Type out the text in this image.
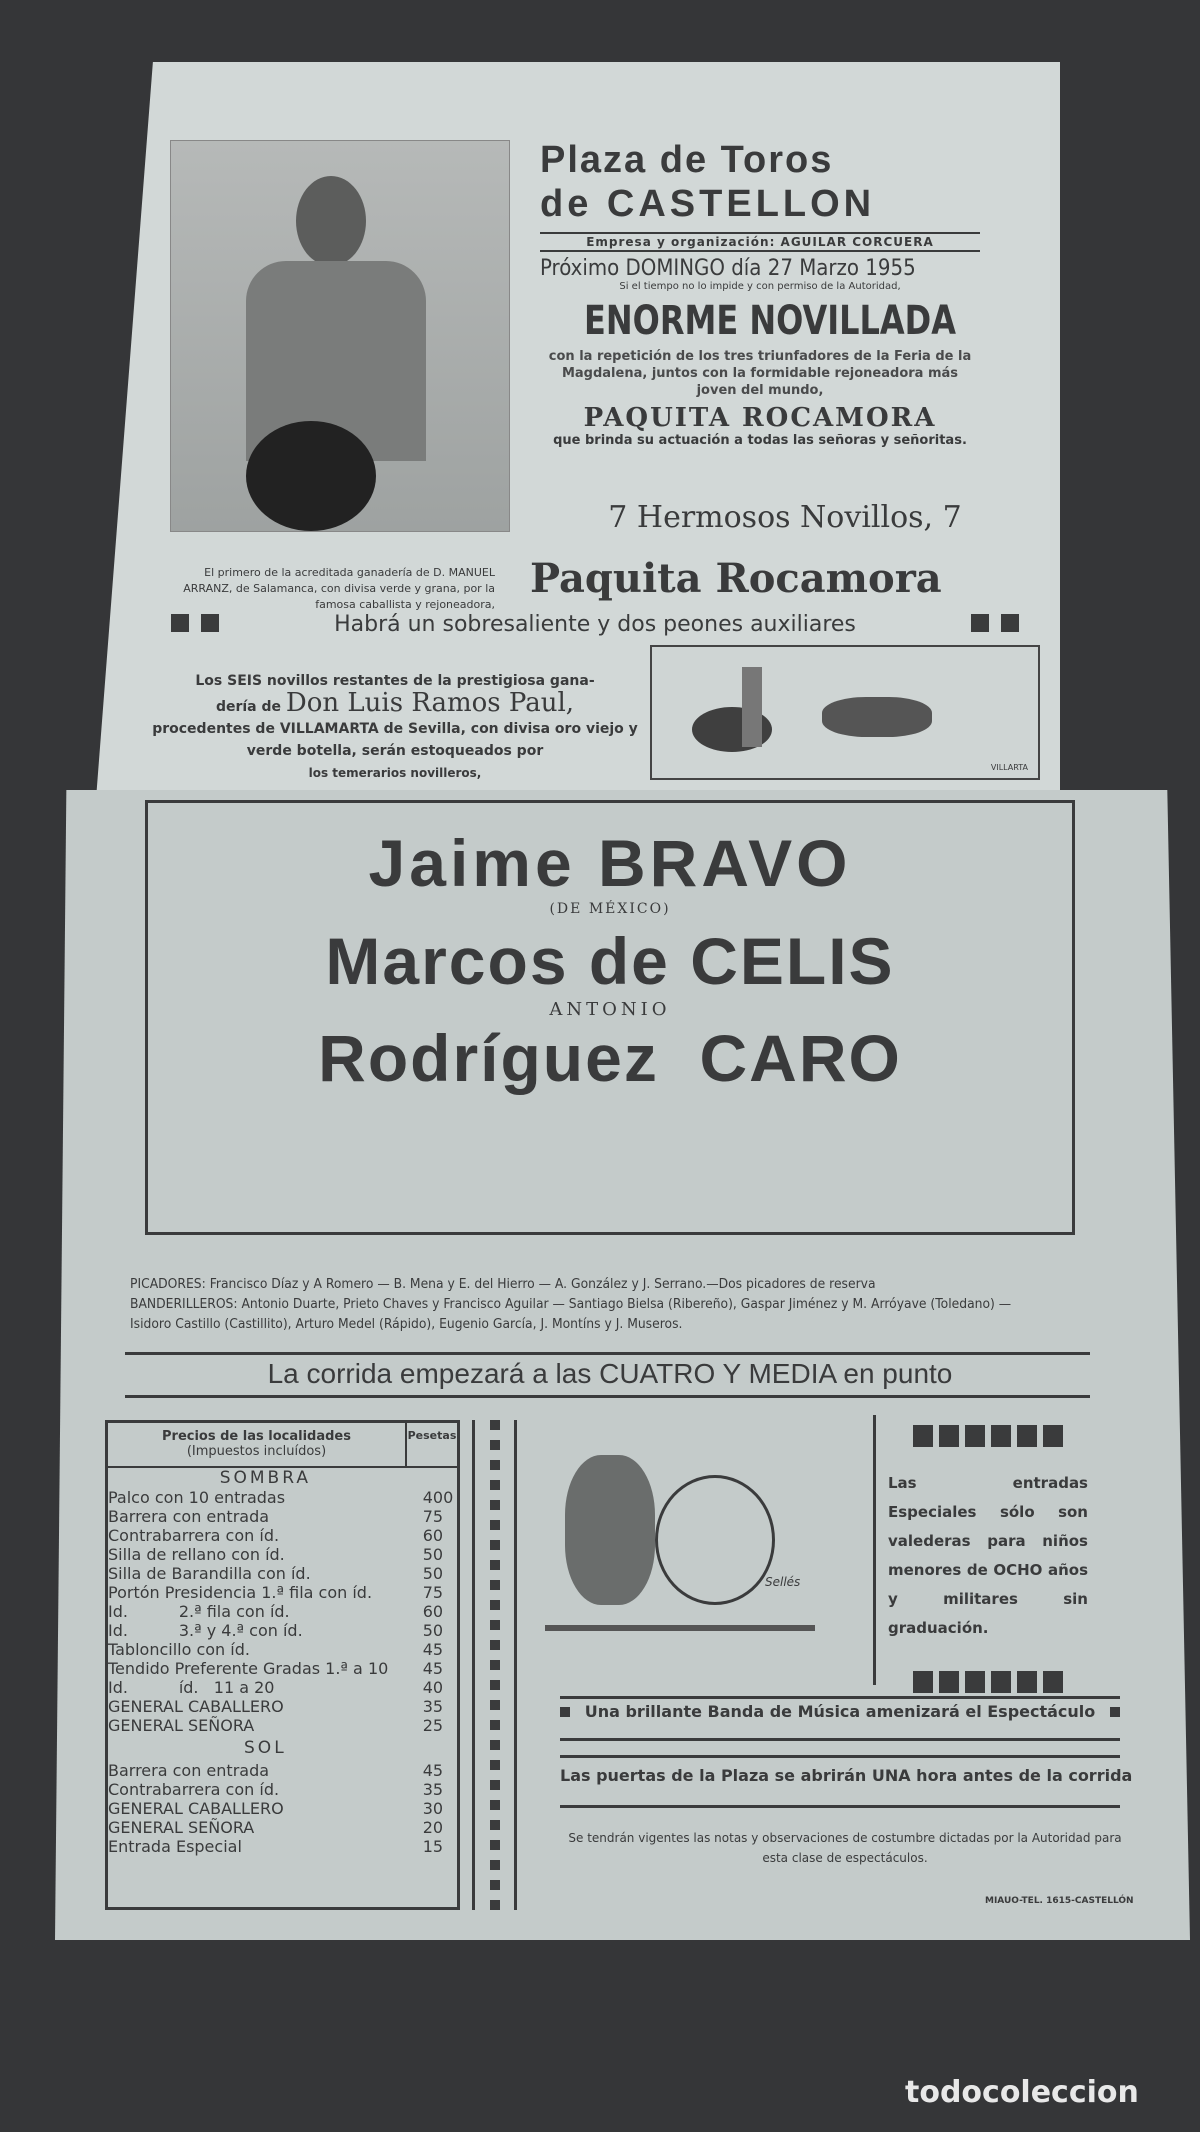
Plaza de Toros
de CASTELLON
Empresa y organización: AGUILAR CORCUERA
Próximo DOMINGO día 27 Marzo 1955
Si el tiempo no lo impide y con permiso de la Autoridad,
ENORME NOVILLADA
con la repetición de los tres triunfadores de la Feria de la Magdalena, juntos con la formidable rejoneadora más joven del mundo,
PAQUITA ROCAMORA
que brinda su actuación a todas las señoras y señoritas.
7 Hermosos Novillos, 7
El primero de la acreditada ganadería de D. MANUEL ARRANZ, de Salamanca, con divisa verde y grana, por la famosa caballista y rejoneadora,
Paquita Rocamora
Habrá un sobresaliente y dos peones auxiliares
Los SEIS novillos restantes de la prestigiosa gana-
dería de Don Luis Ramos Paul,
procedentes de VILLAMARTA de Sevilla, con divisa oro viejo y verde botella, serán estoqueados por
los temerarios novilleros,	VILLARTA
Jaime BRAVO
(DE MÉXICO)
Marcos de CELIS
ANTONIO
Rodríguez  CARO
PICADORES: Francisco Díaz y A Romero — B. Mena y E. del Hierro — A. González y J. Serrano.—Dos picadores de reserva
BANDERILLEROS: Antonio Duarte, Prieto Chaves y Francisco Aguilar — Santiago Bielsa (Ribereño), Gaspar Jiménez y M. Arróyave (Toledano) — Isidoro Castillo (Castillito), Arturo Medel (Rápido), Eugenio García, J. Montíns y J. Museros.
La corrida empezará a las CUATRO Y MEDIA en punto
Precios de las localidades
(Impuestos incluídos)
Pesetas
SOMBRA	
Palco con 10 entradas	400
Barrera con entrada	75
Contrabarrera con íd.	60
Silla de rellano con íd.	50
Silla de Barandilla con íd.	50
Portón Presidencia 1.ª fila con íd.	75
Id.          2.ª fila con íd.	60
Id.          3.ª y 4.ª con íd.	50
Tabloncillo con íd.	45
Tendido Preferente Gradas 1.ª a 10	45
Id.          íd.   11 a 20	40
GENERAL CABALLERO	35
GENERAL SEÑORA	25
SOL	
Barrera con entrada	45
Contrabarrera con íd.	35
GENERAL CABALLERO	30
GENERAL SEÑORA	20
Entrada Especial	15
Sellés
Las entradas Especiales sólo son valederas para niños menores de OCHO años y militares sin graduación.
Una brillante Banda de Música amenizará el Espectáculo
Las puertas de la Plaza se abrirán UNA hora antes de la corrida
Se tendrán vigentes las notas y observaciones de costumbre dictadas por la Autoridad para esta clase de espectáculos.
MIAUO-TEL. 1615-CASTELLÓN
todocoleccion
